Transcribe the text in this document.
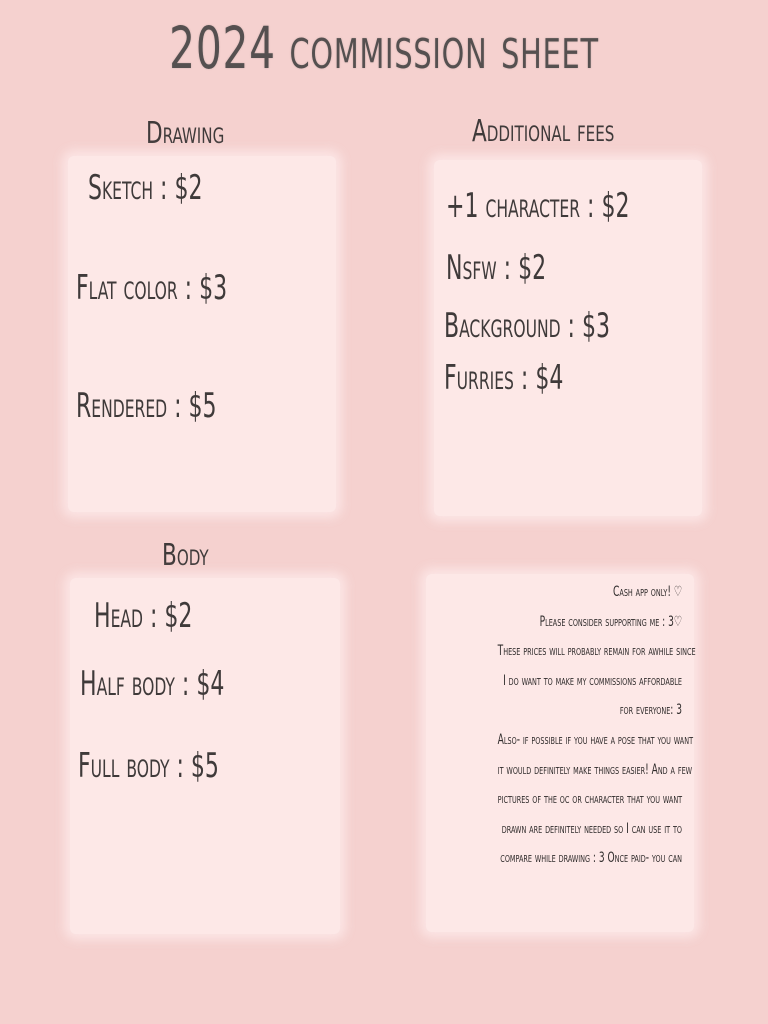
2024 commission sheet
Drawing
Sketch : $2
Flat color : $3
Rendered : $5
Additional fees
+1 character : $2
Nsfw : $2
Background : $3
Furries : $4
Body
Head : $2
Half body : $4
Full body : $5
Cash app only! ♡
Please consider supporting me : 3♡
These prices will probably remain for awhile since
I do want to make my commissions affordable
for everyone: 3
Also- if possible if you have a pose that you want
it would definitely make things easier! And a few
pictures of the oc or character that you want
drawn are definitely needed so I can use it to
compare while drawing : 3 Once paid- you can
